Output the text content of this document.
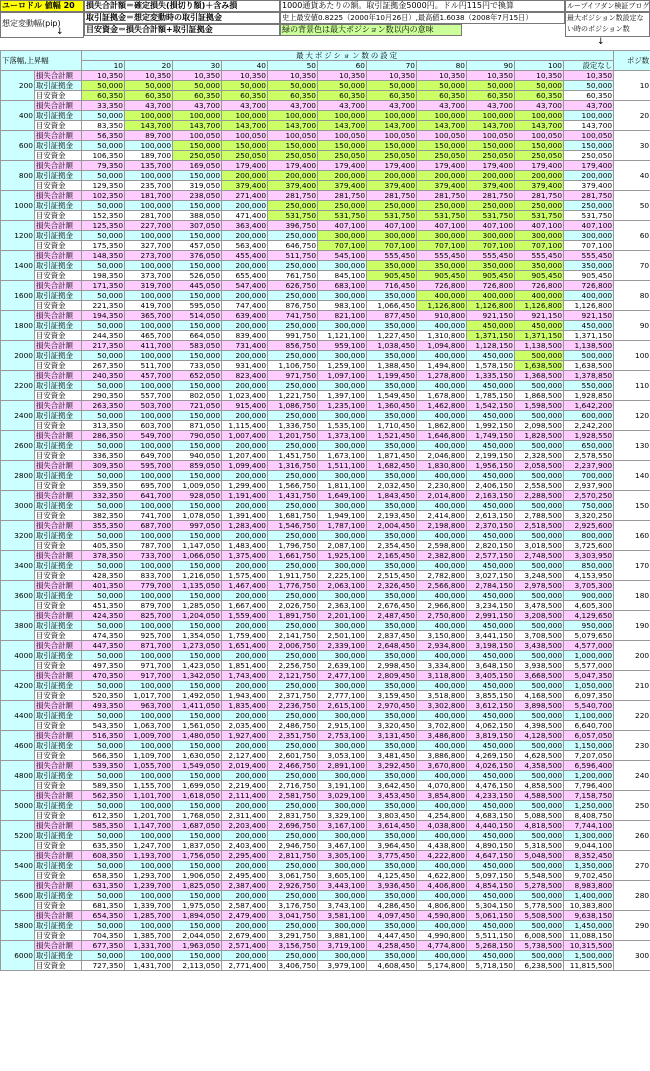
ユーロドル 値幅 20	損失合計額＝確定損失(損切り額)＋含み損	1000通貨あたりの額。取引証拠金5000円。ドル円115円で換算	ループイフダン検証ブログ
想定変動幅(pip)
取引証拠金＝想定変動時の取引証拠金	史上最安値0.8225（2000年10月26日）,最高値1.6038（2008年7月15日）	最大ポジション数設定ない時のポジション数
目安資金＝損失合計額+取引証拠金	緑の背景色は最大ポジション数以内の意味
↓
↓
下落幅,上昇幅		最大ポジション数の設定											ポジ数
		10	20	30	40	50	60	70	80	90	100	設定なし	
200	損失合計額	10,350	10,350	10,350	10,350	10,350	10,350	10,350	10,350	10,350	10,350	10,350	10
	取引証拠金	50,000	50,000	50,000	50,000	50,000	50,000	50,000	50,000	50,000	50,000	50,000	
	目安資金	60,350	60,350	60,350	60,350	60,350	60,350	60,350	60,350	60,350	60,350	60,350	
400	損失合計額	33,350	43,700	43,700	43,700	43,700	43,700	43,700	43,700	43,700	43,700	43,700	20
	取引証拠金	50,000	100,000	100,000	100,000	100,000	100,000	100,000	100,000	100,000	100,000	100,000	
	目安資金	83,350	143,700	143,700	143,700	143,700	143,700	143,700	143,700	143,700	143,700	143,700	
600	損失合計額	56,350	89,700	100,050	100,050	100,050	100,050	100,050	100,050	100,050	100,050	100,050	30
	取引証拠金	50,000	100,000	150,000	150,000	150,000	150,000	150,000	150,000	150,000	150,000	150,000	
	目安資金	106,350	189,700	250,050	250,050	250,050	250,050	250,050	250,050	250,050	250,050	250,050	
800	損失合計額	79,350	135,700	169,050	179,400	179,400	179,400	179,400	179,400	179,400	179,400	179,400	40
	取引証拠金	50,000	100,000	150,000	200,000	200,000	200,000	200,000	200,000	200,000	200,000	200,000	
	目安資金	129,350	235,700	319,050	379,400	379,400	379,400	379,400	379,400	379,400	379,400	379,400	
1000	損失合計額	102,350	181,700	238,050	271,400	281,750	281,750	281,750	281,750	281,750	281,750	281,750	50
	取引証拠金	50,000	100,000	150,000	200,000	250,000	250,000	250,000	250,000	250,000	250,000	250,000	
	目安資金	152,350	281,700	388,050	471,400	531,750	531,750	531,750	531,750	531,750	531,750	531,750	
1200	損失合計額	125,350	227,700	307,050	363,400	396,750	407,100	407,100	407,100	407,100	407,100	407,100	60
	取引証拠金	50,000	100,000	150,000	200,000	250,000	300,000	300,000	300,000	300,000	300,000	300,000	
	目安資金	175,350	327,700	457,050	563,400	646,750	707,100	707,100	707,100	707,100	707,100	707,100	
1400	損失合計額	148,350	273,700	376,050	455,400	511,750	545,100	555,450	555,450	555,450	555,450	555,450	70
	取引証拠金	50,000	100,000	150,000	200,000	250,000	300,000	350,000	350,000	350,000	350,000	350,000	
	目安資金	198,350	373,700	526,050	655,400	761,750	845,100	905,450	905,450	905,450	905,450	905,450	
1600	損失合計額	171,350	319,700	445,050	547,400	626,750	683,100	716,450	726,800	726,800	726,800	726,800	80
	取引証拠金	50,000	100,000	150,000	200,000	250,000	300,000	350,000	400,000	400,000	400,000	400,000	
	目安資金	221,350	419,700	595,050	747,400	876,750	983,100	1,066,450	1,126,800	1,126,800	1,126,800	1,126,800	
1800	損失合計額	194,350	365,700	514,050	639,400	741,750	821,100	877,450	910,800	921,150	921,150	921,150	90
	取引証拠金	50,000	100,000	150,000	200,000	250,000	300,000	350,000	400,000	450,000	450,000	450,000	
	目安資金	244,350	465,700	664,050	839,400	991,750	1,121,100	1,227,450	1,310,800	1,371,150	1,371,150	1,371,150	
2000	損失合計額	217,350	411,700	583,050	731,400	856,750	959,100	1,038,450	1,094,800	1,128,150	1,138,500	1,138,500	100
	取引証拠金	50,000	100,000	150,000	200,000	250,000	300,000	350,000	400,000	450,000	500,000	500,000	
	目安資金	267,350	511,700	733,050	931,400	1,106,750	1,259,100	1,388,450	1,494,800	1,578,150	1,638,500	1,638,500	
2200	損失合計額	240,350	457,700	652,050	823,400	971,750	1,097,100	1,199,450	1,278,800	1,335,150	1,368,500	1,378,850	110
	取引証拠金	50,000	100,000	150,000	200,000	250,000	300,000	350,000	400,000	450,000	500,000	550,000	
	目安資金	290,350	557,700	802,050	1,023,400	1,221,750	1,397,100	1,549,450	1,678,800	1,785,150	1,868,500	1,928,850	
2400	損失合計額	263,350	503,700	721,050	915,400	1,086,750	1,235,100	1,360,450	1,462,800	1,542,150	1,598,500	1,642,200	120
	取引証拠金	50,000	100,000	150,000	200,000	250,000	300,000	350,000	400,000	450,000	500,000	600,000	
	目安資金	313,350	603,700	871,050	1,115,400	1,336,750	1,535,100	1,710,450	1,862,800	1,992,150	2,098,500	2,242,200	
2600	損失合計額	286,350	549,700	790,050	1,007,400	1,201,750	1,373,100	1,521,450	1,646,800	1,749,150	1,828,500	1,928,550	130
	取引証拠金	50,000	100,000	150,000	200,000	250,000	300,000	350,000	400,000	450,000	500,000	650,000	
	目安資金	336,350	649,700	940,050	1,207,400	1,451,750	1,673,100	1,871,450	2,046,800	2,199,150	2,328,500	2,578,550	
2800	損失合計額	309,350	595,700	859,050	1,099,400	1,316,750	1,511,100	1,682,450	1,830,800	1,956,150	2,058,500	2,237,900	140
	取引証拠金	50,000	100,000	150,000	200,000	250,000	300,000	350,000	400,000	450,000	500,000	700,000	
	目安資金	359,350	695,700	1,009,050	1,299,400	1,566,750	1,811,100	2,032,450	2,230,800	2,406,150	2,558,500	2,937,900	
3000	損失合計額	332,350	641,700	928,050	1,191,400	1,431,750	1,649,100	1,843,450	2,014,800	2,163,150	2,288,500	2,570,250	150
	取引証拠金	50,000	100,000	150,000	200,000	250,000	300,000	350,000	400,000	450,000	500,000	750,000	
	目安資金	382,350	741,700	1,078,050	1,391,400	1,681,750	1,949,100	2,193,450	2,414,800	2,613,150	2,788,500	3,320,250	
3200	損失合計額	355,350	687,700	997,050	1,283,400	1,546,750	1,787,100	2,004,450	2,198,800	2,370,150	2,518,500	2,925,600	160
	取引証拠金	50,000	100,000	150,000	200,000	250,000	300,000	350,000	400,000	450,000	500,000	800,000	
	目安資金	405,350	787,700	1,147,050	1,483,400	1,796,750	2,087,100	2,354,450	2,598,800	2,820,150	3,018,500	3,725,600	
3400	損失合計額	378,350	733,700	1,066,050	1,375,400	1,661,750	1,925,100	2,165,450	2,382,800	2,577,150	2,748,500	3,303,950	170
	取引証拠金	50,000	100,000	150,000	200,000	250,000	300,000	350,000	400,000	450,000	500,000	850,000	
	目安資金	428,350	833,700	1,216,050	1,575,400	1,911,750	2,225,100	2,515,450	2,782,800	3,027,150	3,248,500	4,153,950	
3600	損失合計額	401,350	779,700	1,135,050	1,467,400	1,776,750	2,063,100	2,326,450	2,566,800	2,784,150	2,978,500	3,705,300	180
	取引証拠金	50,000	100,000	150,000	200,000	250,000	300,000	350,000	400,000	450,000	500,000	900,000	
	目安資金	451,350	879,700	1,285,050	1,667,400	2,026,750	2,363,100	2,676,450	2,966,800	3,234,150	3,478,500	4,605,300	
3800	損失合計額	424,350	825,700	1,204,050	1,559,400	1,891,750	2,201,100	2,487,450	2,750,800	2,991,150	3,208,500	4,129,650	190
	取引証拠金	50,000	100,000	150,000	200,000	250,000	300,000	350,000	400,000	450,000	500,000	950,000	
	目安資金	474,350	925,700	1,354,050	1,759,400	2,141,750	2,501,100	2,837,450	3,150,800	3,441,150	3,708,500	5,079,650	
4000	損失合計額	447,350	871,700	1,273,050	1,651,400	2,006,750	2,339,100	2,648,450	2,934,800	3,198,150	3,438,500	4,577,000	200
	取引証拠金	50,000	100,000	150,000	200,000	250,000	300,000	350,000	400,000	450,000	500,000	1,000,000	
	目安資金	497,350	971,700	1,423,050	1,851,400	2,256,750	2,639,100	2,998,450	3,334,800	3,648,150	3,938,500	5,577,000	
4200	損失合計額	470,350	917,700	1,342,050	1,743,400	2,121,750	2,477,100	2,809,450	3,118,800	3,405,150	3,668,500	5,047,350	210
	取引証拠金	50,000	100,000	150,000	200,000	250,000	300,000	350,000	400,000	450,000	500,000	1,050,000	
	目安資金	520,350	1,017,700	1,492,050	1,943,400	2,371,750	2,777,100	3,159,450	3,518,800	3,855,150	4,168,500	6,097,350	
4400	損失合計額	493,350	963,700	1,411,050	1,835,400	2,236,750	2,615,100	2,970,450	3,302,800	3,612,150	3,898,500	5,540,700	220
	取引証拠金	50,000	100,000	150,000	200,000	250,000	300,000	350,000	400,000	450,000	500,000	1,100,000	
	目安資金	543,350	1,063,700	1,561,050	2,035,400	2,486,750	2,915,100	3,320,450	3,702,800	4,062,150	4,398,500	6,640,700	
4600	損失合計額	516,350	1,009,700	1,480,050	1,927,400	2,351,750	2,753,100	3,131,450	3,486,800	3,819,150	4,128,500	6,057,050	230
	取引証拠金	50,000	100,000	150,000	200,000	250,000	300,000	350,000	400,000	450,000	500,000	1,150,000	
	目安資金	566,350	1,109,700	1,630,050	2,127,400	2,601,750	3,053,100	3,481,450	3,886,800	4,269,150	4,628,500	7,207,050	
4800	損失合計額	539,350	1,055,700	1,549,050	2,019,400	2,466,750	2,891,100	3,292,450	3,670,800	4,026,150	4,358,500	6,596,400	240
	取引証拠金	50,000	100,000	150,000	200,000	250,000	300,000	350,000	400,000	450,000	500,000	1,200,000	
	目安資金	589,350	1,155,700	1,699,050	2,219,400	2,716,750	3,191,100	3,642,450	4,070,800	4,476,150	4,858,500	7,796,400	
5000	損失合計額	562,350	1,101,700	1,618,050	2,111,400	2,581,750	3,029,100	3,453,450	3,854,800	4,233,150	4,588,500	7,158,750	250
	取引証拠金	50,000	100,000	150,000	200,000	250,000	300,000	350,000	400,000	450,000	500,000	1,250,000	
	目安資金	612,350	1,201,700	1,768,050	2,311,400	2,831,750	3,329,100	3,803,450	4,254,800	4,683,150	5,088,500	8,408,750	
5200	損失合計額	585,350	1,147,700	1,687,050	2,203,400	2,696,750	3,167,100	3,614,450	4,038,800	4,440,150	4,818,500	7,744,100	260
	取引証拠金	50,000	100,000	150,000	200,000	250,000	300,000	350,000	400,000	450,000	500,000	1,300,000	
	目安資金	635,350	1,247,700	1,837,050	2,403,400	2,946,750	3,467,100	3,964,450	4,438,800	4,890,150	5,318,500	9,044,100	
5400	損失合計額	608,350	1,193,700	1,756,050	2,295,400	2,811,750	3,305,100	3,775,450	4,222,800	4,647,150	5,048,500	8,352,450	270
	取引証拠金	50,000	100,000	150,000	200,000	250,000	300,000	350,000	400,000	450,000	500,000	1,350,000	
	目安資金	658,350	1,293,700	1,906,050	2,495,400	3,061,750	3,605,100	4,125,450	4,622,800	5,097,150	5,548,500	9,702,450	
5600	損失合計額	631,350	1,239,700	1,825,050	2,387,400	2,926,750	3,443,100	3,936,450	4,406,800	4,854,150	5,278,500	8,983,800	280
	取引証拠金	50,000	100,000	150,000	200,000	250,000	300,000	350,000	400,000	450,000	500,000	1,400,000	
	目安資金	681,350	1,339,700	1,975,050	2,587,400	3,176,750	3,743,100	4,286,450	4,806,800	5,304,150	5,778,500	10,383,800	
5800	損失合計額	654,350	1,285,700	1,894,050	2,479,400	3,041,750	3,581,100	4,097,450	4,590,800	5,061,150	5,508,500	9,638,150	290
	取引証拠金	50,000	100,000	150,000	200,000	250,000	300,000	350,000	400,000	450,000	500,000	1,450,000	
	目安資金	704,350	1,385,700	2,044,050	2,679,400	3,291,750	3,881,100	4,447,450	4,990,800	5,511,150	6,008,500	11,088,150	
6000	損失合計額	677,350	1,331,700	1,963,050	2,571,400	3,156,750	3,719,100	4,258,450	4,774,800	5,268,150	5,738,500	10,315,500	300
	取引証拠金	50,000	100,000	150,000	200,000	250,000	300,000	350,000	400,000	450,000	500,000	1,500,000	
	目安資金	727,350	1,431,700	2,113,050	2,771,400	3,406,750	3,979,100	4,608,450	5,174,800	5,718,150	6,238,500	11,815,500	
